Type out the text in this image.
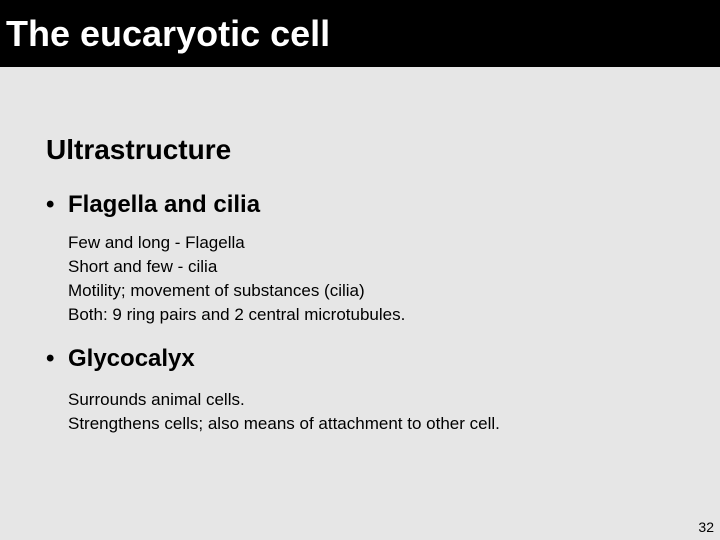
The eucaryotic cell
Ultrastructure
• Flagella and cilia
Few and long - Flagella
Short and few - cilia
Motility; movement of substances (cilia)
Both: 9 ring pairs and 2 central microtubules.
• Glycocalyx
Surrounds animal cells.
Strengthens cells; also means of attachment to other cell.
32
